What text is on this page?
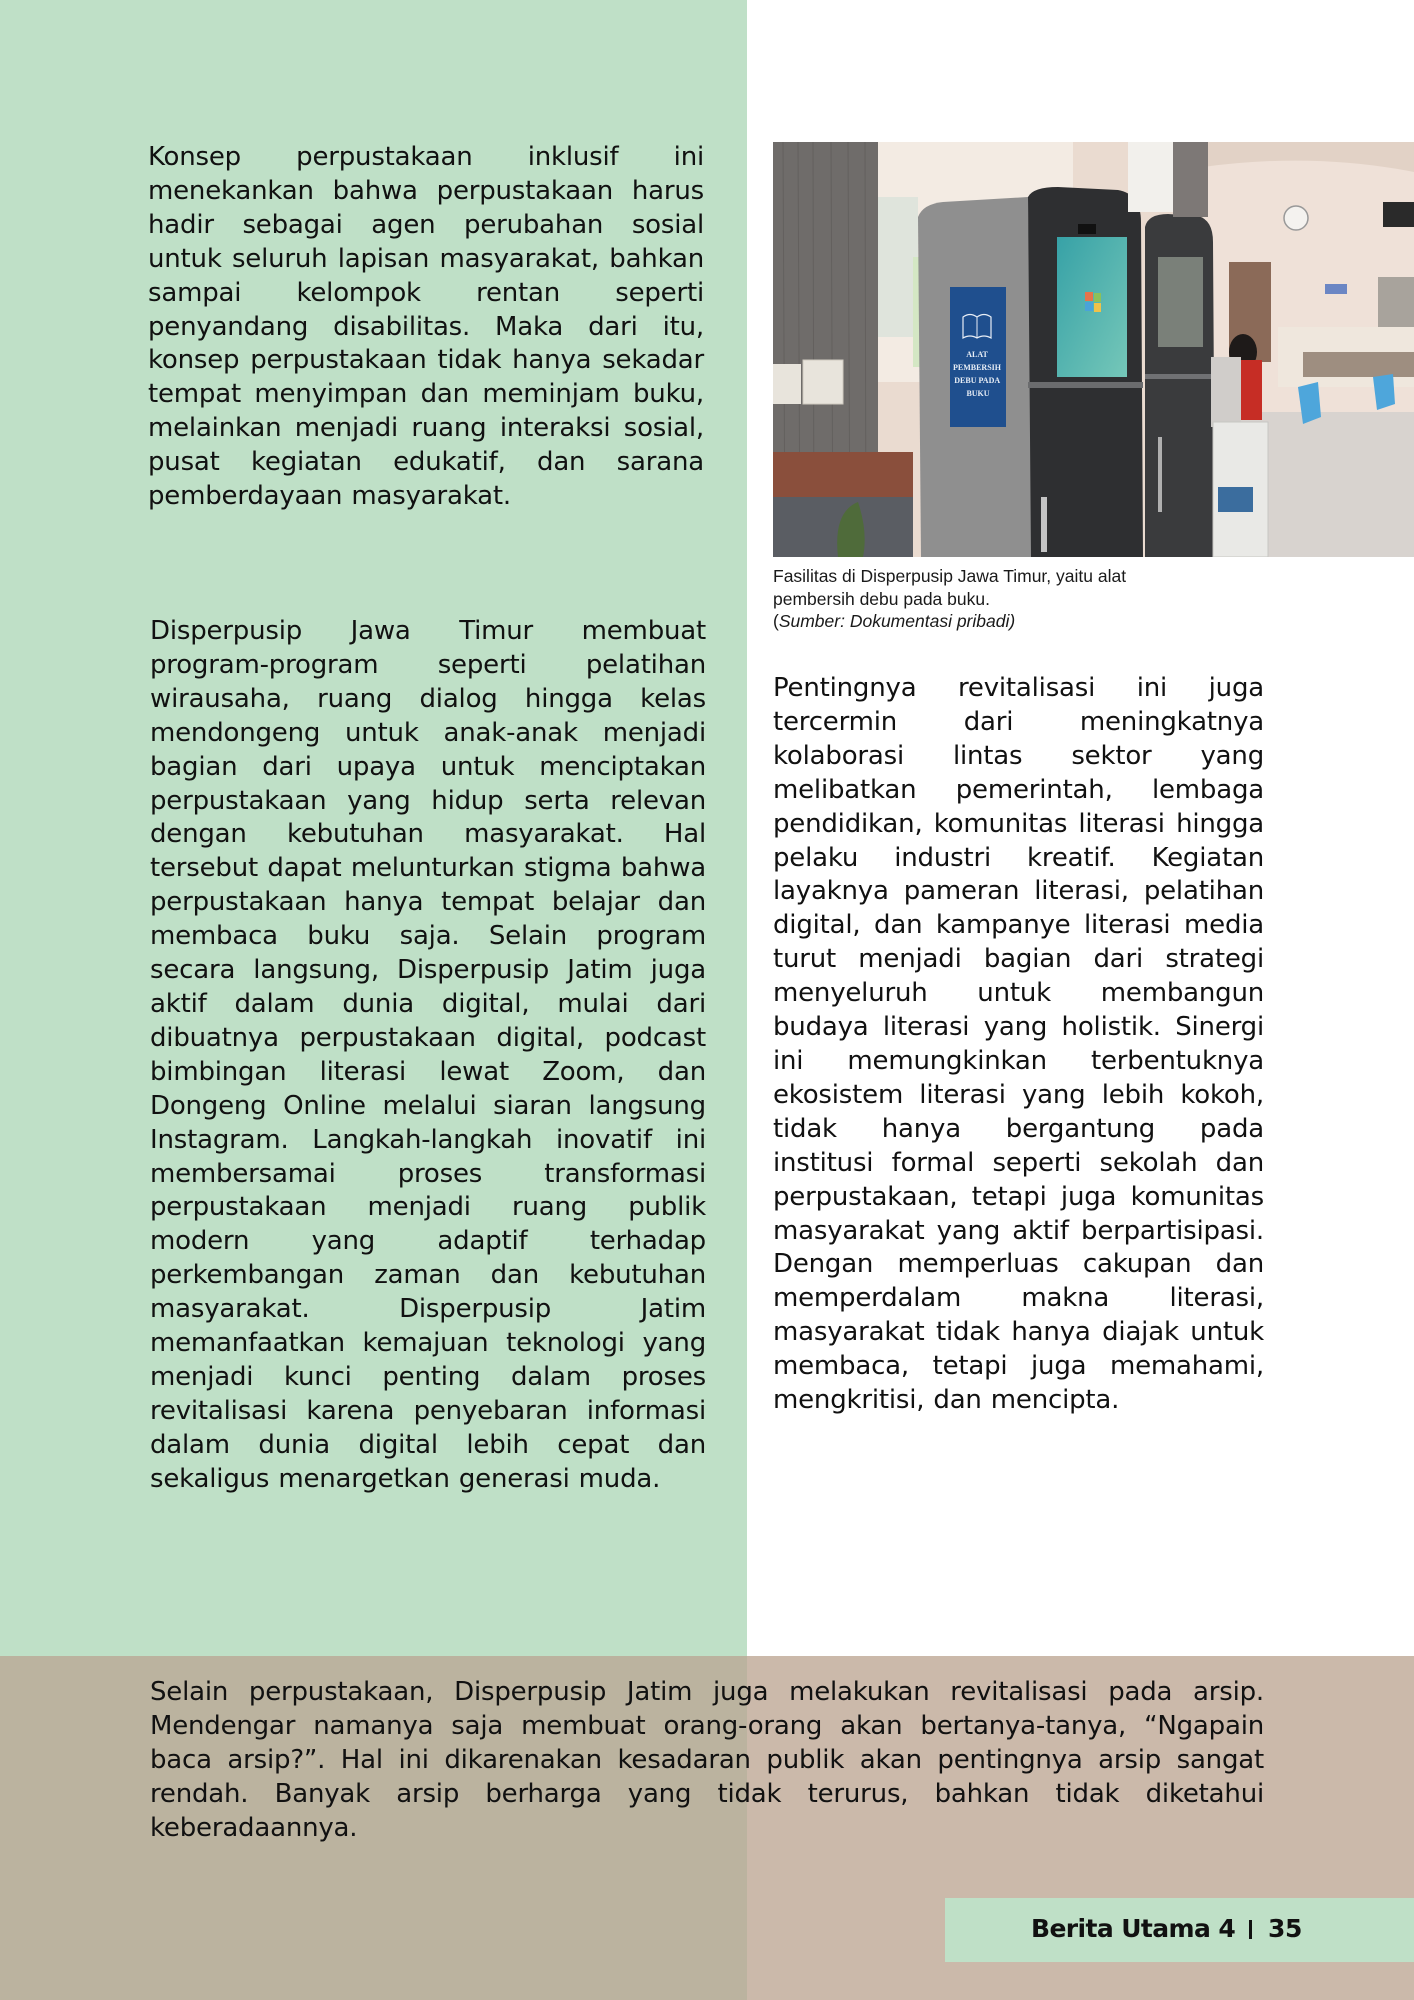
Konsep perpustakaan inklusif ini menekankan bahwa perpustakaan harus hadir sebagai agen perubahan sosial untuk seluruh lapisan masyarakat, bahkan sampai kelompok rentan seperti penyandang disabilitas. Maka dari itu, konsep perpustakaan tidak hanya sekadar tempat menyimpan dan meminjam buku, melainkan menjadi ruang interaksi sosial, pusat kegiatan edukatif, dan sarana pemberdayaan masyarakat.

Disperpusip Jawa Timur membuat program-program seperti pelatihan wirausaha, ruang dialog hingga kelas mendongeng untuk anak-anak menjadi bagian dari upaya untuk menciptakan perpustakaan yang hidup serta relevan dengan kebutuhan masyarakat. Hal tersebut dapat melunturkan stigma bahwa perpustakaan hanya tempat belajar dan membaca buku saja. Selain program secara langsung, Disperpusip Jatim juga aktif dalam dunia digital, mulai dari dibuatnya perpustakaan digital, podcast bimbingan literasi lewat Zoom, dan Dongeng Online melalui siaran langsung Instagram. Langkah-langkah inovatif ini membersamai proses transformasi perpustakaan menjadi ruang publik modern yang adaptif terhadap perkembangan zaman dan kebutuhan masyarakat. Disperpusip Jatim memanfaatkan kemajuan teknologi yang menjadi kunci penting dalam proses revitalisasi karena penyebaran informasi dalam dunia digital lebih cepat dan sekaligus menargetkan generasi muda.

ALAT PEMBERSIH DEBU PADA BUKU

Fasilitas di Disperpusip Jawa Timur, yaitu alat pembersih debu pada buku.
(Sumber: Dokumentasi pribadi)

Pentingnya revitalisasi ini juga tercermin dari meningkatnya kolaborasi lintas sektor yang melibatkan pemerintah, lembaga pendidikan, komunitas literasi hingga pelaku industri kreatif. Kegiatan layaknya pameran literasi, pelatihan digital, dan kampanye literasi media turut menjadi bagian dari strategi menyeluruh untuk membangun budaya literasi yang holistik. Sinergi ini memungkinkan terbentuknya ekosistem literasi yang lebih kokoh, tidak hanya bergantung pada institusi formal seperti sekolah dan perpustakaan, tetapi juga komunitas masyarakat yang aktif berpartisipasi. Dengan memperluas cakupan dan memperdalam makna literasi, masyarakat tidak hanya diajak untuk membaca, tetapi juga memahami, mengkritisi, dan mencipta.

Selain perpustakaan, Disperpusip Jatim juga melakukan revitalisasi pada arsip. Mendengar namanya saja membuat orang-orang akan bertanya-tanya, “Ngapain baca arsip?”. Hal ini dikarenakan kesadaran publik akan pentingnya arsip sangat rendah. Banyak arsip berharga yang tidak terurus, bahkan tidak diketahui keberadaannya.

Berita Utama 4 35
